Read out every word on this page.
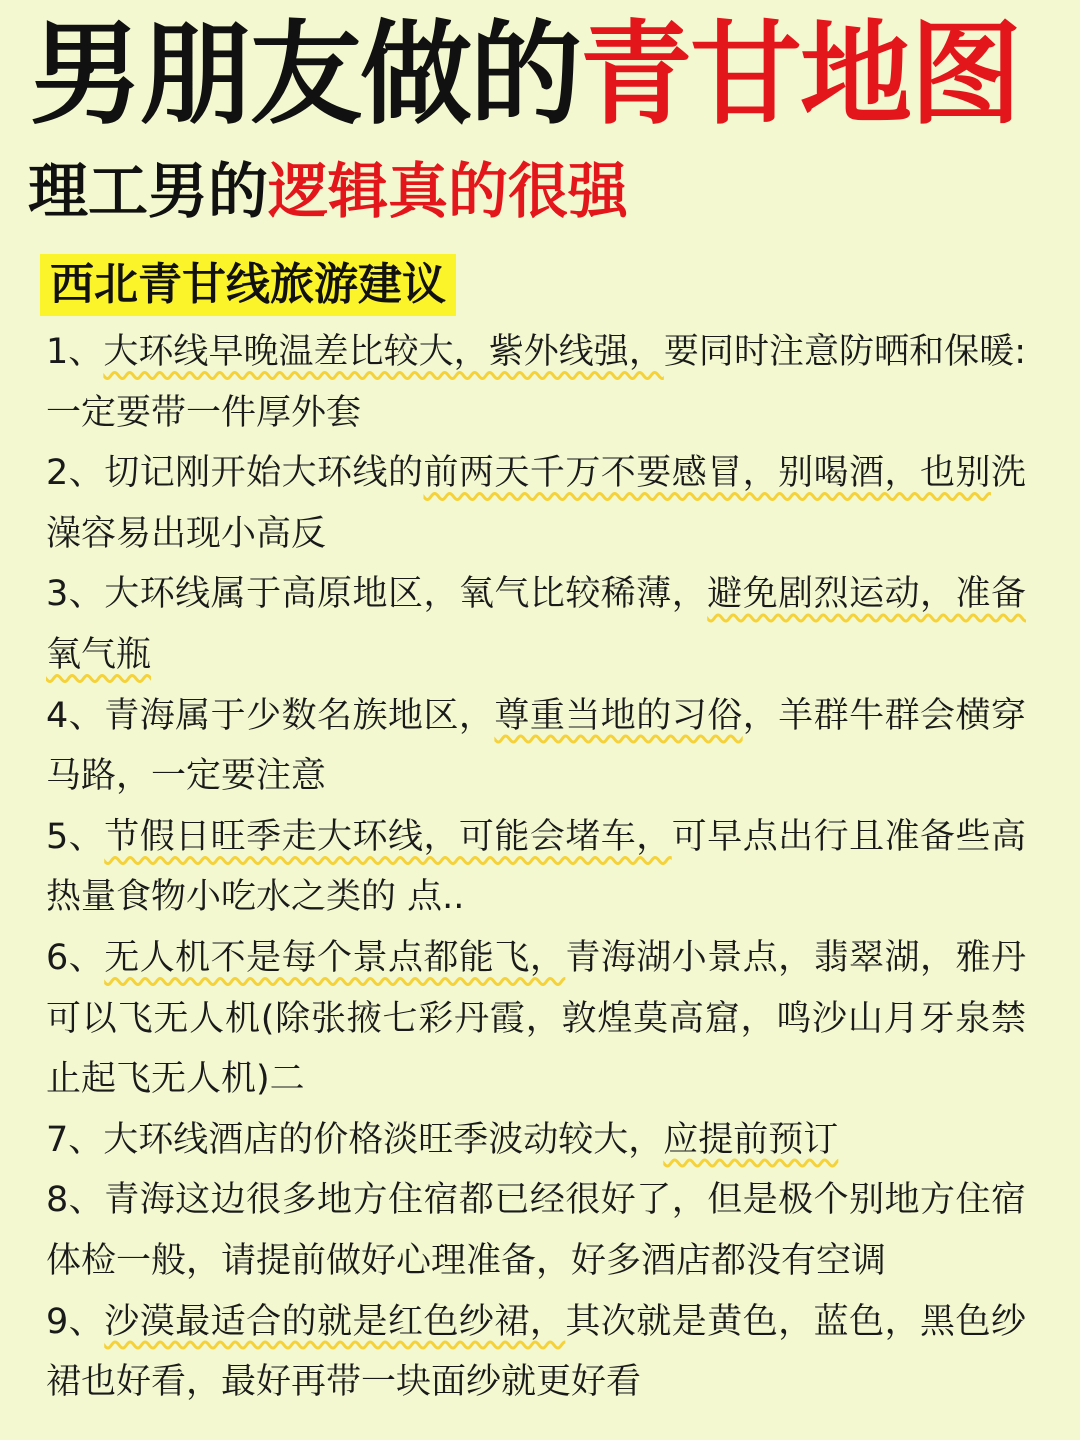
男朋友做的青甘地图
理工男的逻辑真的很强
西北青甘线旅游建议
1、大环线早晚温差比较大，紫外线强，要同时注意防晒和保暖:一定要带一件厚外套
2、切记刚开始大环线的前两天千万不要感冒，别喝酒，也别洗澡容易出现小高反
3、大环线属于高原地区，氧气比较稀薄，避免剧烈运动，准备氧气瓶
4、青海属于少数名族地区，尊重当地的习俗，羊群牛群会横穿马路，一定要注意
5、节假日旺季走大环线，可能会堵车，可早点出行且准备些高热量食物小吃水之类的 点..
6、无人机不是每个景点都能飞，青海湖小景点，翡翠湖，雅丹可以飞无人机(除张掖七彩丹霞，敦煌莫高窟，鸣沙山月牙泉禁止起飞无人机)二
7、大环线酒店的价格淡旺季波动较大，应提前预订
8、青海这边很多地方住宿都已经很好了，但是极个别地方住宿体检一般，请提前做好心理准备，好多酒店都没有空调
9、沙漠最适合的就是红色纱裙，其次就是黄色，蓝色，黑色纱裙也好看，最好再带一块面纱就更好看
